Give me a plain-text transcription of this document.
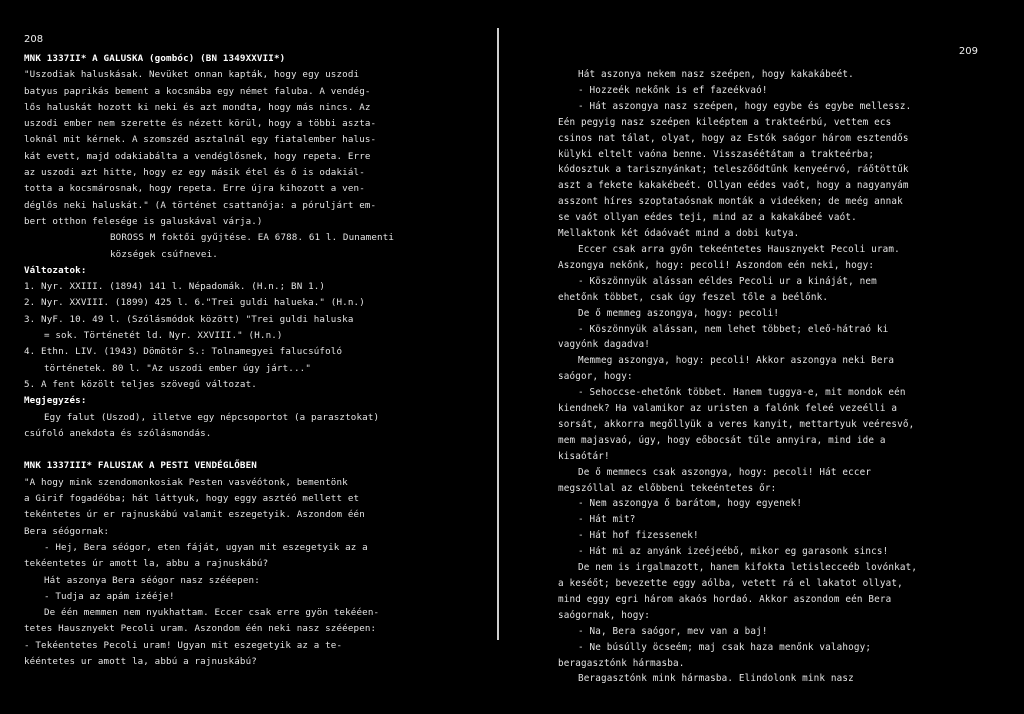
208
MNK 1337II* A GALUSKA (gombóc) (BN 1349XXVII*)
"Uszodiak haluskásak. Nevüket onnan kapták, hogy egy uszodi
batyus paprikás bement a kocsmába egy német faluba. A vendég-
lős haluskát hozott ki neki és azt mondta, hogy más nincs. Az
uszodi ember nem szerette és nézett körül, hogy a többi aszta-
loknál mit kérnek. A szomszéd asztalnál egy fiatalember halus-
kát evett, majd odakiabálta a vendéglősnek, hogy repeta. Erre
az uszodi azt hitte, hogy ez egy másik étel és ő is odakiál-
totta a kocsmárosnak, hogy repeta. Erre újra kihozott a ven-
déglős neki haluskát." (A történet csattanója: a póruljárt em-
bert otthon felesége is galuskával várja.)
BOROSS M foktői gyűjtése. EA 6788. 61 l. Dunamenti
községek csúfnevei.
Változatok:
1. Nyr. XXIII. (1894) 141 l. Népadomák. (H.n.; BN 1.)
2. Nyr. XXVIII. (1899) 425 l. 6."Trei guldi halueka." (H.n.)
3. NyF. 10. 49 l. (Szólásmódok között) "Trei guldi haluska
= sok. Történetét ld. Nyr. XXVIII." (H.n.)
4. Ethn. LIV. (1943) Dömötör S.: Tolnamegyei falucsúfoló
történetek. 80 l. "Az uszodi ember úgy járt..."
5. A fent közölt teljes szövegű változat.
Megjegyzés:
Egy falut (Uszod), illetve egy népcsoportot (a parasztokat)
csúfoló anekdota és szólásmondás.
MNK 1337III* FALUSIAK A PESTI VENDÉGLŐBEN
"A hogy mink szendomonkosiak Pesten vasvéótonk, bementönk
a Girif fogadéóba; hát láttyuk, hogy eggy asztéó mellett et
tekéntetes úr er rajnuskábú valamit eszegetyik. Aszondom één
Bera séógornak:
- Hej, Bera séógor, eten fáját, ugyan mit eszegetyik az a
tekéentetes úr amott la, abbu a rajnuskábú?
Hát aszonya Bera séógor nasz szééepen:
- Tudja az apám izééje!
De één memmen nem nyukhattam. Eccer csak erre gyön tekééen-
tetes Hausznyekt Pecoli uram. Aszondom één neki nasz szééepen:
- Tekéentetes Pecoli uram! Ugyan mit eszegetyik az a te-
kééntetes ur amott la, abbú a rajnuskábú?
209
Hát aszonya nekem nasz szeépen, hogy kakakábeét.
- Hozzeék nekőnk is ef fazeékvaó!
- Hát aszongya nasz szeépen, hogy egybe és egybe mellessz.
Eén pegyig nasz szeépen kileéptem a trakteérbú, vettem ecs
csinos nat tálat, olyat, hogy az Estók saógor három esztendős
külyki eltelt vaóna benne. Visszaséétátam a trakteérba;
kódosztuk a tarisznyánkat; teleszőődtűnk kenyeérvó, ráőtöttűk
aszt a fekete kakakébeét. Ollyan eédes vaót, hogy a nagyanyám
asszont híres szoptataósnak monták a videéken; de meég annak
se vaót ollyan eédes teji, mind az a kakakábeé vaót.
Mellaktonk két ódaóvaét mind a dobi kutya.
Eccer csak arra győn tekeéntetes Hausznyekt Pecoli uram.
Aszongya nekőnk, hogy: pecoli! Aszondom eén neki, hogy:
- Köszönnyük alássan eéldes Pecoli ur a kináját, nem
ehetőnk többet, csak úgy feszel tőle a beélőnk.
De ő memmeg aszongya, hogy: pecoli!
- Köszönnyük alássan, nem lehet többet; eleő-hátraó ki
vagyónk dagadva!
Memmeg aszongya, hogy: pecoli! Akkor aszongya neki Bera
saógor, hogy:
- Sehoccse-ehetőnk többet. Hanem tuggya-e, mit mondok eén
kiendnek? Ha valamikor az uristen a falónk feleé vezeélli a
sorsát, akkorra megőllyük a veres kanyit, mettartyuk veéresvő,
mem majasvaó, úgy, hogy eőbocsát tűle annyira, mind ide a
kisaótár!
De ő memmecs csak aszongya, hogy: pecoli! Hát eccer
megszóllal az előbbeni tekeéntetes őr:
- Nem aszongya ő barátom, hogy egyenek!
- Hát mit?
- Hát hof fizessenek!
- Hát mi az anyánk izeéjeébő, mikor eg garasonk sincs!
De nem is irgalmazott, hanem kifokta letislecceéb lovónkat,
a keséőt; bevezette eggy aólba, vetett rá el lakatot ollyat,
mind eggy egri három akaós hordaó. Akkor aszondom eén Bera
saógornak, hogy:
- Na, Bera saógor, mev van a baj!
- Ne búsúlly öcseém; maj csak haza menőnk valahogy;
beragasztónk hármasba.
Beragasztónk mink hármasba. Elindolonk mink nasz
